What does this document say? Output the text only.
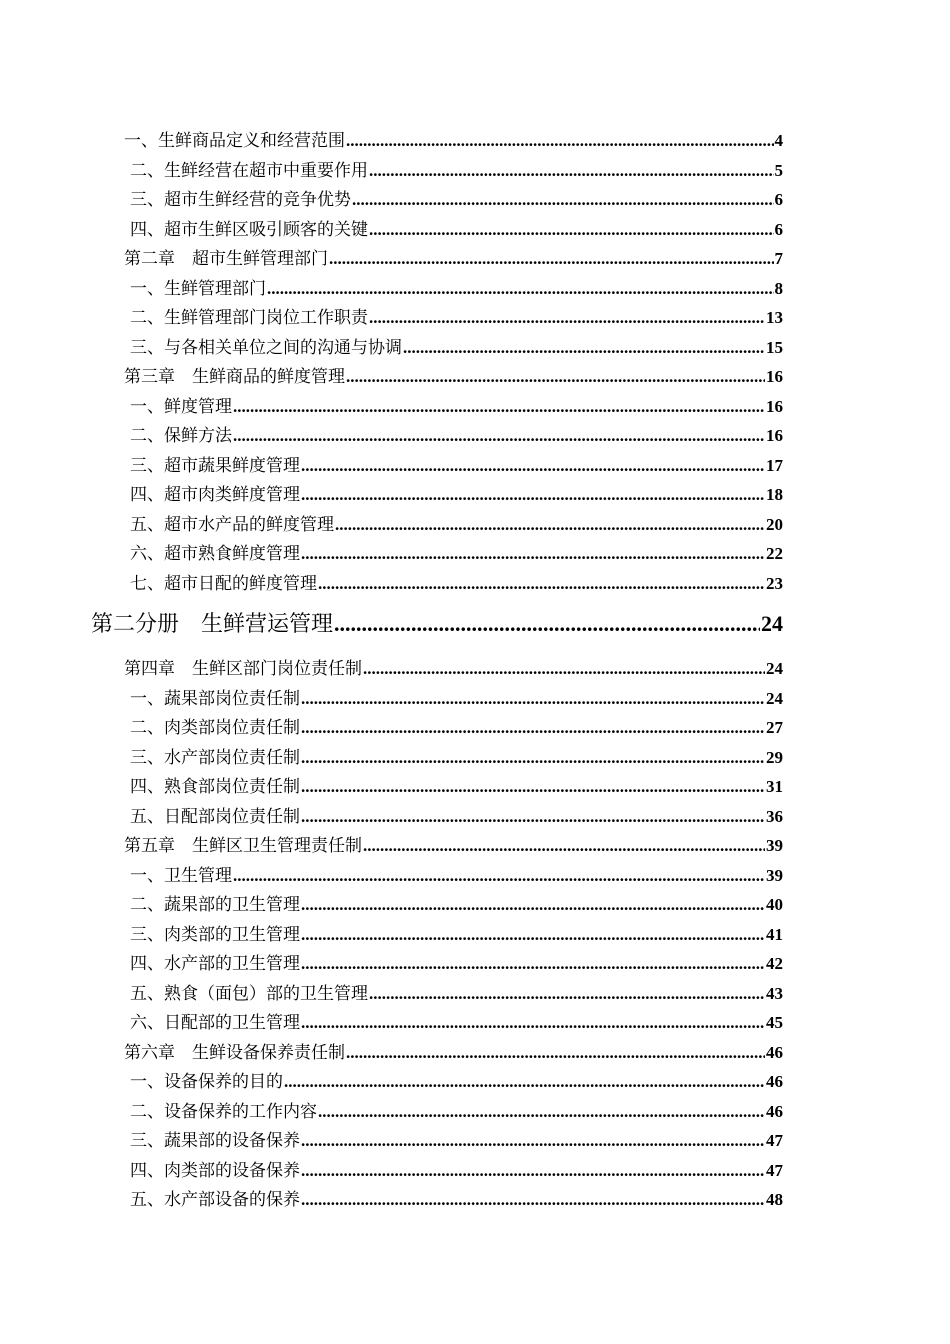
一、生鲜商品定义和经营范围 .....	4
二、生鲜经营在超市中重要作用 .....	5
三、超市生鲜经营的竞争优势 .....	6
四、超市生鲜区吸引顾客的关键 .....	6
第二章　超市生鲜管理部门 .....	7
一、生鲜管理部门 .....	8
二、生鲜管理部门岗位工作职责 .....	13
三、与各相关单位之间的沟通与协调 .....	15
第三章　生鲜商品的鲜度管理 .....	16
一、鲜度管理 .....	16
二、保鲜方法 .....	16
三、超市蔬果鲜度管理 .....	17
四、超市肉类鲜度管理 .....	18
五、超市水产品的鲜度管理 .....	20
六、超市熟食鲜度管理 .....	22
七、超市日配的鲜度管理 .....	23
第二分册　生鲜营运管理 .....	24
第四章　生鲜区部门岗位责任制 .....	24
一、蔬果部岗位责任制 .....	24
二、肉类部岗位责任制 .....	27
三、水产部岗位责任制 .....	29
四、熟食部岗位责任制 .....	31
五、日配部岗位责任制 .....	36
第五章　生鲜区卫生管理责任制 .....	39
一、卫生管理 .....	39
二、蔬果部的卫生管理 .....	40
三、肉类部的卫生管理 .....	41
四、水产部的卫生管理 .....	42
五、熟食（面包）部的卫生管理 .....	43
六、日配部的卫生管理 .....	45
第六章　生鲜设备保养责任制 .....	46
一、设备保养的目的 .....	46
二、设备保养的工作内容 .....	46
三、蔬果部的设备保养 .....	47
四、肉类部的设备保养 .....	47
五、水产部设备的保养 .....	48
